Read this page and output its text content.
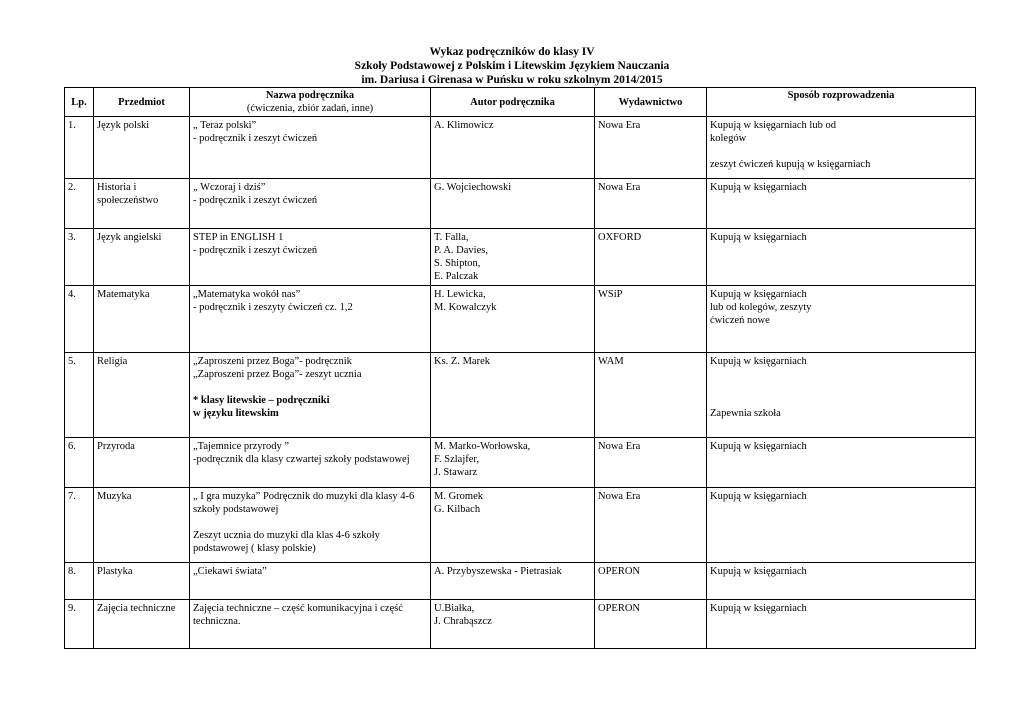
Wykaz podręczników do klasy IV
Szkoły Podstawowej z Polskim i Litewskim Językiem Nauczania
im. Dariusa i Girenasa w Puńsku w roku szkolnym 2014/2015
Lp.	Przedmiot	Nazwa podręcznika
(ćwiczenia, zbiór zadań, inne)	Autor podręcznika	Wydawnictwo	Sposób rozprowadzenia
1.	Język polski	„ Teraz polski”
- podręcznik i zeszyt ćwiczeń	A. Klimowicz	Nowa Era	Kupują w księgarniach lub od
kolegów
zeszyt ćwiczeń kupują w księgarniach

2.	Historia i
społeczeństwo	„ Wczoraj i dziś”
- podręcznik i zeszyt ćwiczeń	G. Wojciechowski	Nowa Era	Kupują w księgarniach

3.	Język angielski	STEP in ENGLISH 1
- podręcznik i zeszyt ćwiczeń	T. Falla,
P. A. Davies,
S. Shipton,
E. Palczak	OXFORD	Kupują w księgarniach

4.	Matematyka	„Matematyka wokół nas”
- podręcznik i zeszyty ćwiczeń cz. 1,2	H. Lewicka,
M. Kowalczyk	WSiP	Kupują w księgarniach
lub od kolegów, zeszyty
ćwiczeń nowe

5.	Religia	„Zaproszeni przez Boga”- podręcznik
„Zaproszeni przez Boga”- zeszyt ucznia
* klasy litewskie – podręczniki
w języku litewskim	Ks. Z. Marek	WAM	Kupują w księgarniach
Zapewnia szkoła

6.	Przyroda	„Tajemnice przyrody ”
-podręcznik dla klasy czwartej szkoły podstawowej	M. Marko-Worłowska,
F. Szlajfer,
J. Stawarz	Nowa Era	Kupują w księgarniach

7.	Muzyka	„ I gra muzyka” Podręcznik do muzyki dla klasy 4-6
szkoły podstawowej
Zeszyt ucznia do muzyki dla klas 4-6 szkoły
podstawowej ( klasy polskie)	M. Gromek
G. Kilbach	Nowa Era	Kupują w księgarniach

8.	Plastyka	„Ciekawi świata”	A. Przybyszewska - Pietrasiak	OPERON	Kupują w księgarniach

9.	Zajęcia techniczne	Zajęcia techniczne – część komunikacyjna i część
techniczna.	U.Białka,
J. Chrabąszcz	OPERON	Kupują w księgarniach
